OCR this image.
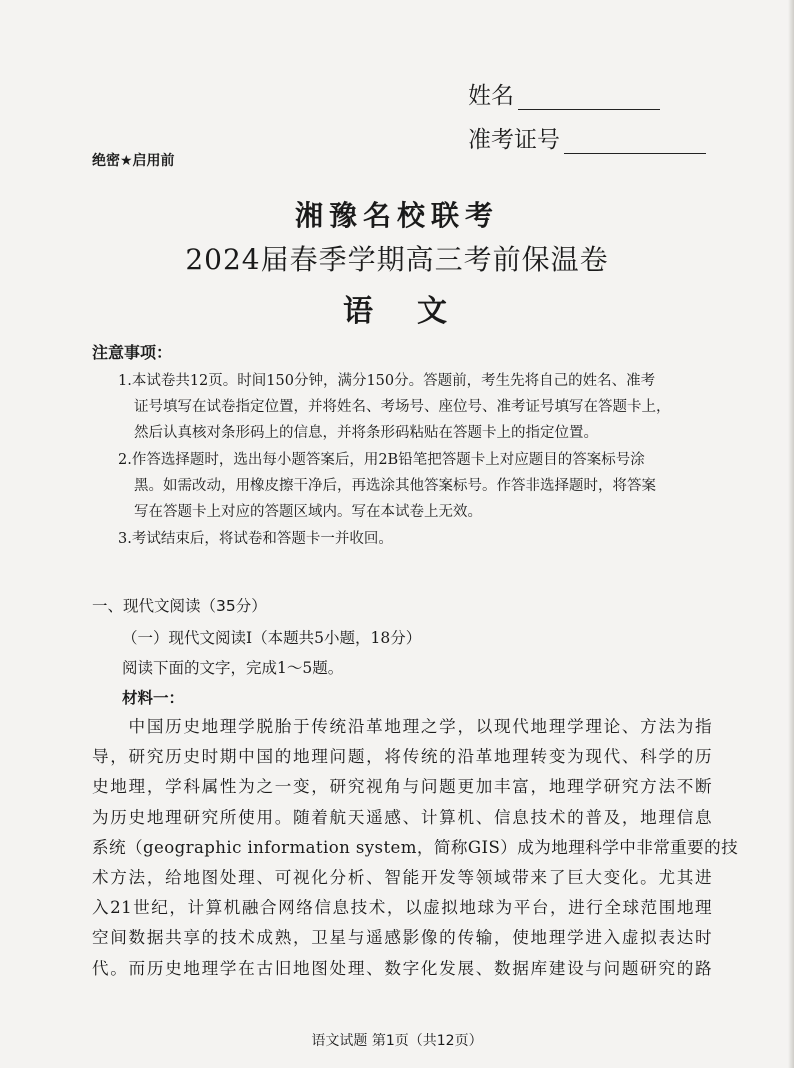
姓名
准考证号
绝密★启用前
湘豫名校联考
2024届春季学期高三考前保温卷
语文
注意事项：
1.本试卷共12页。时间150分钟，满分150分。答题前，考生先将自己的姓名、准考
证号填写在试卷指定位置，并将姓名、考场号、座位号、准考证号填写在答题卡上，
然后认真核对条形码上的信息，并将条形码粘贴在答题卡上的指定位置。
2.作答选择题时，选出每小题答案后，用2B铅笔把答题卡上对应题目的答案标号涂
黑。如需改动，用橡皮擦干净后，再选涂其他答案标号。作答非选择题时，将答案
写在答题卡上对应的答题区域内。写在本试卷上无效。
3.考试结束后，将试卷和答题卡一并收回。
一、现代文阅读（35分）
（一）现代文阅读Ⅰ（本题共5小题，18分）
阅读下面的文字，完成1～5题。
材料一：
　　中国历史地理学脱胎于传统沿革地理之学，以现代地理学理论、方法为指
导，研究历史时期中国的地理问题，将传统的沿革地理转变为现代、科学的历
史地理，学科属性为之一变，研究视角与问题更加丰富，地理学研究方法不断
为历史地理研究所使用。随着航天遥感、计算机、信息技术的普及，地理信息
系统（geographic information system，简称GIS）成为地理科学中非常重要的技
术方法，给地图处理、可视化分析、智能开发等领域带来了巨大变化。尤其进
入21世纪，计算机融合网络信息技术，以虚拟地球为平台，进行全球范围地理
空间数据共享的技术成熟，卫星与遥感影像的传输，使地理学进入虚拟表达时
代。而历史地理学在古旧地图处理、数字化发展、数据库建设与问题研究的路
语文试题 第1页（共12页）
